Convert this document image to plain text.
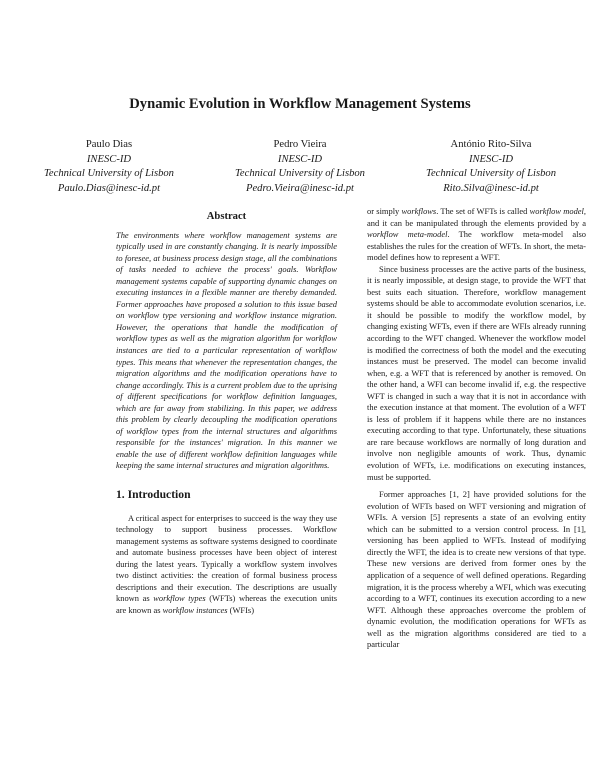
Dynamic Evolution in Workflow Management Systems
Paulo Dias
INESC-ID
Technical University of Lisbon
Paulo.Dias@inesc-id.pt
Pedro Vieira
INESC-ID
Technical University of Lisbon
Pedro.Vieira@inesc-id.pt
António Rito-Silva
INESC-ID
Technical University of Lisbon
Rito.Silva@inesc-id.pt
Abstract

The environments where workflow management systems are typically used in are constantly changing. It is nearly impossible to foresee, at business process design stage, all the combinations of tasks needed to achieve the process' goals. Workflow management systems capable of supporting dynamic changes on executing instances in a flexible manner are thereby demanded. Former approaches have proposed a solution to this issue based on workflow type versioning and workflow instance migration. However, the operations that handle the modification of workflow types as well as the migration algorithm for workflow instances are tied to a particular representation of workflow types. This means that whenever the representation changes, the migration algorithms and the modification operations have to change accordingly. This is a current problem due to the uprising of different specifications for workflow definition languages, which are far away from stabilizing. In this paper, we address this problem by clearly decoupling the modification operations of workflow types from the internal structures and algorithms responsible for the instances' migration. In this manner we enable the use of different workflow definition languages while keeping the same internal structures and migration algorithms.

1. Introduction

A critical aspect for enterprises to succeed is the way they use technology to support business processes. Workflow management systems as software systems designed to coordinate and automate business processes have been object of interest during the latest years. Typically a workflow system involves two distinct activities: the creation of formal business process descriptions and their execution. The descriptions are usually known as workflow types (WFTs) whereas the execution units are known as workflow instances (WFIs)

or simply workflows. The set of WFTs is called workflow model, and it can be manipulated through the elements provided by a workflow meta-model. The workflow meta-model also establishes the rules for the creation of WFTs. In short, the meta-model defines how to represent a WFT.

Since business processes are the active parts of the business, it is nearly impossible, at design stage, to provide the WFT that best suits each situation. Therefore, workflow management systems should be able to accommodate evolution scenarios, i.e. it should be possible to modify the workflow model, by changing existing WFTs, even if there are WFIs already running according to the WFT changed. Whenever the workflow model is modified the correctness of both the model and the executing instances must be preserved. The model can become invalid when, e.g. a WFT that is referenced by another is removed. On the other hand, a WFI can become invalid if, e.g. the respective WFT is changed in such a way that it is not in accordance with the execution instance at that moment. The evolution of a WFT is less of problem if it happens while there are no instances executing according to that type. Unfortunately, these situations are rare because workflows are normally of long duration and involve non negligible amounts of work. Thus, dynamic evolution of WFTs, i.e. modifications on executing instances, must be supported.

Former approaches [1, 2] have provided solutions for the evolution of WFTs based on WFT versioning and migration of WFIs. A version [5] represents a state of an evolving entity which can be submitted to a version control process. In [1], versioning has been applied to WFTs. Instead of modifying directly the WFT, the idea is to create new versions of that type. These new versions are derived from former ones by the application of a sequence of well defined operations. Regarding migration, it is the process whereby a WFI, which was executing according to a WFT, continues its execution according to a new WFT. Although these approaches overcome the problem of dynamic evolution, the modification operations for WFTs as well as the migration algorithms considered are tied to a particular
